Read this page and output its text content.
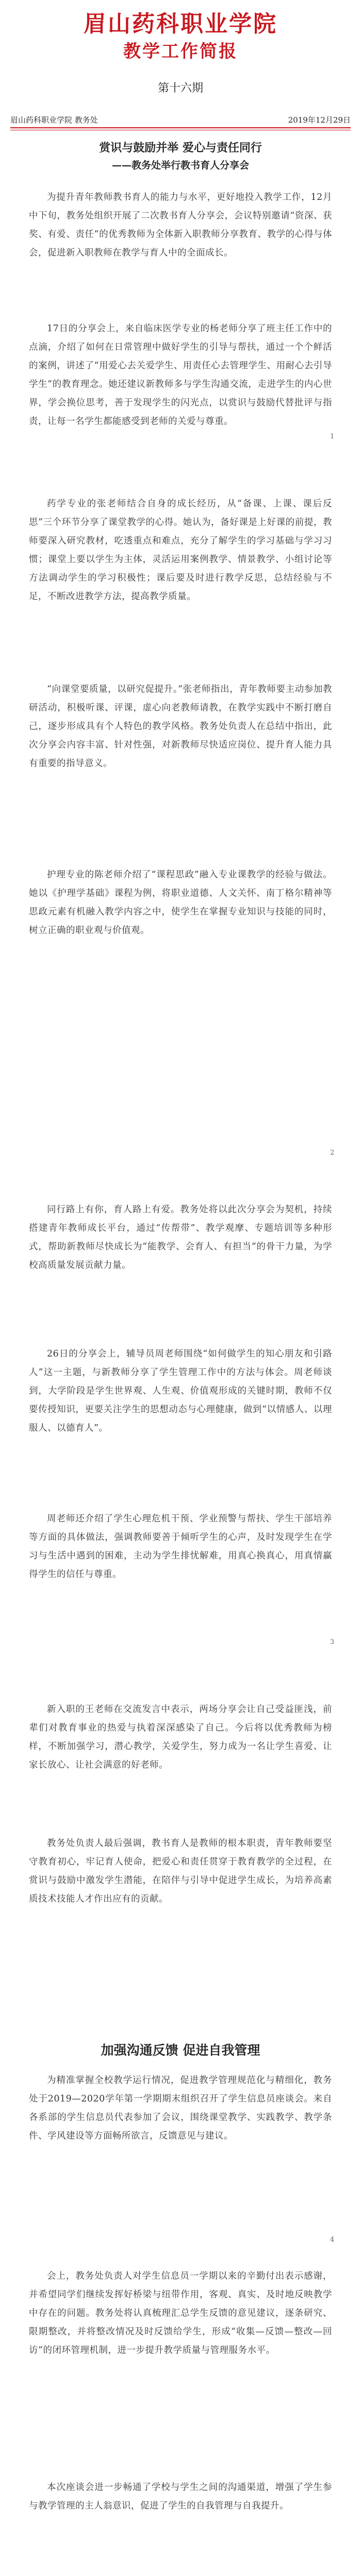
眉山药科职业学院
教学工作简报
第十六期
眉山药科职业学院 教务处	2019年12月29日
赏识与鼓励并举 爱心与责任同行
——教务处举行教书育人分享会

为提升青年教师教书育人的能力与水平，更好地投入教学工作，12月中下旬，教务处组织开展了二次教书育人分享会，会议特别邀请“资深、获奖、有爱、责任”的优秀教师为全体新入职教师分享教育、教学的心得与体会，促进新入职教师在教学与育人中的全面成长。

17日的分享会上，来自临床医学专业的杨老师分享了班主任工作中的点滴，介绍了如何在日常管理中做好学生的引导与帮扶，通过一个个鲜活的案例，讲述了“用爱心去关爱学生、用责任心去管理学生、用耐心去引导学生”的教育理念。她还建议新教师多与学生沟通交流，走进学生的内心世界，学会换位思考，善于发现学生的闪光点，以赏识与鼓励代替批评与指责，让每一名学生都能感受到老师的关爱与尊重。

1

药学专业的张老师结合自身的成长经历，从“备课、上课、课后反思”三个环节分享了课堂教学的心得。她认为，备好课是上好课的前提，教师要深入研究教材，吃透重点和难点，充分了解学生的学习基础与学习习惯；课堂上要以学生为主体，灵活运用案例教学、情景教学、小组讨论等方法调动学生的学习积极性；课后要及时进行教学反思，总结经验与不足，不断改进教学方法，提高教学质量。

“向课堂要质量，以研究促提升。”张老师指出，青年教师要主动参加教研活动，积极听课、评课，虚心向老教师请教，在教学实践中不断打磨自己，逐步形成具有个人特色的教学风格。教务处负责人在总结中指出，此次分享会内容丰富、针对性强，对新教师尽快适应岗位、提升育人能力具有重要的指导意义。

护理专业的陈老师介绍了“课程思政”融入专业课教学的经验与做法。她以《护理学基础》课程为例，将职业道德、人文关怀、南丁格尔精神等思政元素有机融入教学内容之中，使学生在掌握专业知识与技能的同时，树立正确的职业观与价值观。

2

同行路上有你，育人路上有爱。教务处将以此次分享会为契机，持续搭建青年教师成长平台，通过“传帮带”、教学观摩、专题培训等多种形式，帮助新教师尽快成长为“能教学、会育人、有担当”的骨干力量，为学校高质量发展贡献力量。

26日的分享会上，辅导员周老师围绕“如何做学生的知心朋友和引路人”这一主题，与新教师分享了学生管理工作中的方法与体会。周老师谈到，大学阶段是学生世界观、人生观、价值观形成的关键时期，教师不仅要传授知识，更要关注学生的思想动态与心理健康，做到“以情感人、以理服人、以德育人”。

周老师还介绍了学生心理危机干预、学业预警与帮扶、学生干部培养等方面的具体做法，强调教师要善于倾听学生的心声，及时发现学生在学习与生活中遇到的困难，主动为学生排忧解难，用真心换真心，用真情赢得学生的信任与尊重。

3

新入职的王老师在交流发言中表示，两场分享会让自己受益匪浅，前辈们对教育事业的热爱与执着深深感染了自己。今后将以优秀教师为榜样，不断加强学习，潜心教学，关爱学生，努力成为一名让学生喜爱、让家长放心、让社会满意的好老师。

教务处负责人最后强调，教书育人是教师的根本职责，青年教师要坚守教育初心，牢记育人使命，把爱心和责任贯穿于教育教学的全过程，在赏识与鼓励中激发学生潜能，在陪伴与引导中促进学生成长，为培养高素质技术技能人才作出应有的贡献。

加强沟通反馈 促进自我管理

为精准掌握全校教学运行情况，促进教学管理规范化与精细化，教务处于2019—2020学年第一学期期末组织召开了学生信息员座谈会。来自各系部的学生信息员代表参加了会议，围绕课堂教学、实践教学、教学条件、学风建设等方面畅所欲言，反馈意见与建议。

4

会上，教务处负责人对学生信息员一学期以来的辛勤付出表示感谢，并希望同学们继续发挥好桥梁与纽带作用，客观、真实、及时地反映教学中存在的问题。教务处将认真梳理汇总学生反馈的意见建议，逐条研究、限期整改，并将整改情况及时反馈给学生，形成“收集—反馈—整改—回访”的闭环管理机制，进一步提升教学质量与管理服务水平。

本次座谈会进一步畅通了学校与学生之间的沟通渠道，增强了学生参与教学管理的主人翁意识，促进了学生的自我管理与自我提升。
